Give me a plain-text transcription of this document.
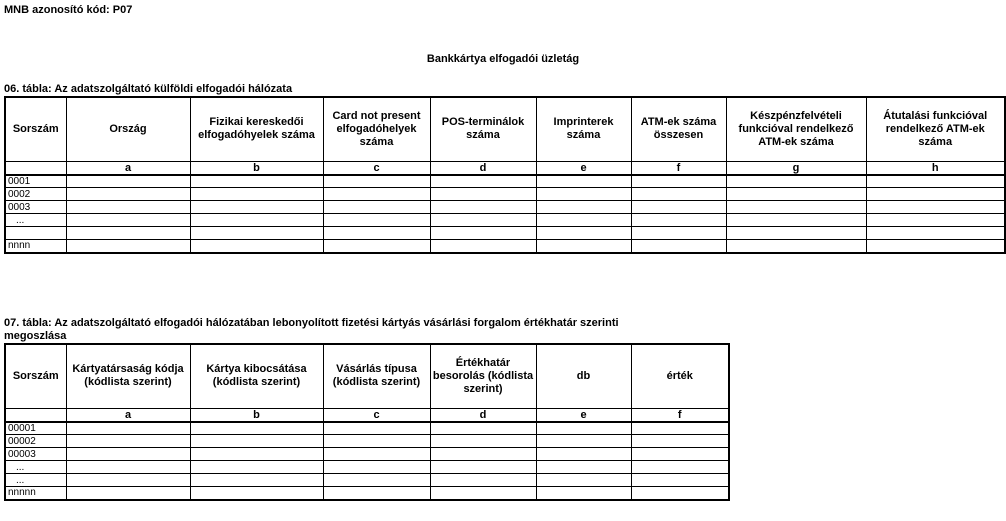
MNB azonosító kód: P07
Bankkártya elfogadói üzletág
06. tábla: Az adatszolgáltató külföldi elfogadói hálózata
Sorszám	Ország	Fizikai kereskedői elfogadóhyelek száma	Card not present elfogadóhelyek száma	POS-terminálok száma	Imprinterek száma	ATM-ek száma összesen	Készpénzfelvételi funkcióval rendelkező ATM-ek száma	Átutalási funkcióval rendelkező ATM-ek száma
	a	b	c	d	e	f	g	h
0001								
0002								
0003								
...								

nnnn								
07. tábla: Az adatszolgáltató elfogadói hálózatában lebonyolított fizetési kártyás vásárlási forgalom értékhatár szerinti
megoszlása
Sorszám	Kártyatársaság kódja (kódlista szerint)	Kártya kibocsátása (kódlista szerint)	Vásárlás típusa (kódlista szerint)	Értékhatár besorolás (kódlista szerint)	db	érték
	a	b	c	d	e	f
00001						
00002						
00003						
...						
...						
nnnnn						
